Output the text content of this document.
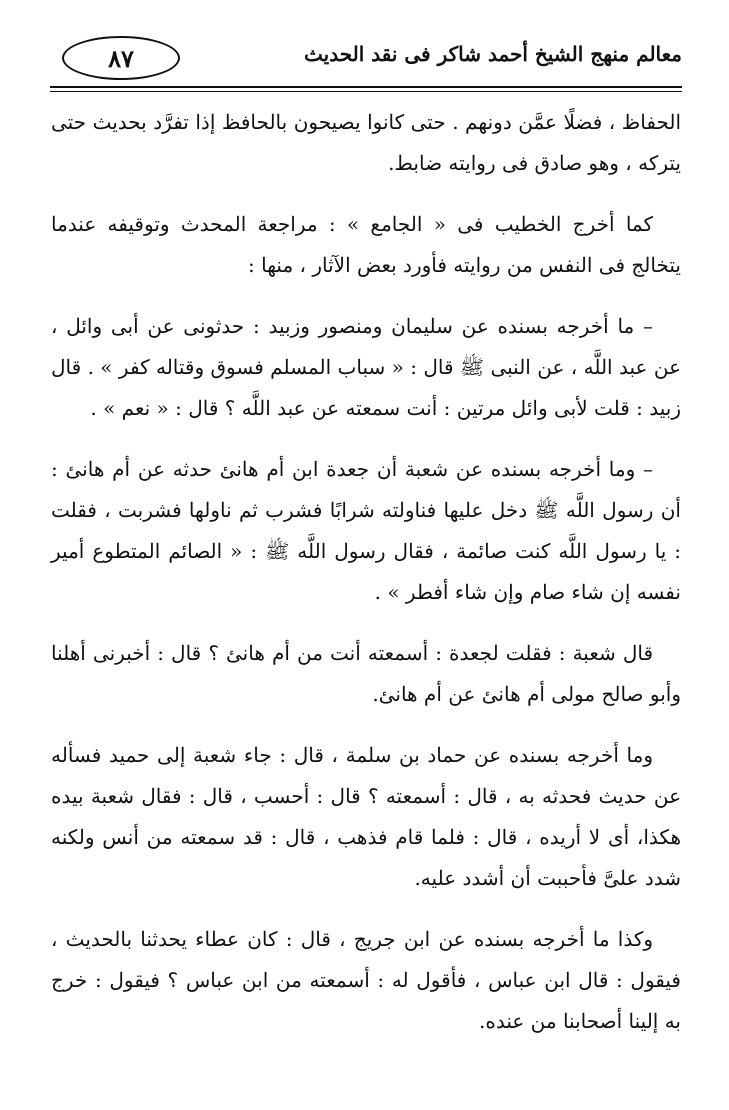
٨٧	معالم منهج الشيخ أحمد شاكر فى نقد الحديث

الحفاظ ، فضلًا عمَّن دونهم . حتى كانوا يصيحون بالحافظ إذا تفرَّد بحديث حتى يتركه ، وهو صادق فى روايته ضابط.

كما أخرج الخطيب فى « الجامع » : مراجعة المحدث وتوقيفه عندما يتخالج فى النفس من روايته فأورد بعض الآثار ، منها :

– ما أخرجه بسنده عن سليمان ومنصور وزبيد : حدثونى عن أبى وائل ، عن عبد اللَّه ، عن النبى ﷺ قال : « سباب المسلم فسوق وقتاله كفر » . قال زبيد : قلت لأبى وائل مرتين : أنت سمعته عن عبد اللَّه ؟ قال : « نعم » .

– وما أخرجه بسنده عن شعبة أن جعدة ابن أم هانئ حدثه عن أم هانئ : أن رسول اللَّه ﷺ دخل عليها فناولته شرابًا فشرب ثم ناولها فشربت ، فقلت : يا رسول اللَّه كنت صائمة ، فقال رسول اللَّه ﷺ : « الصائم المتطوع أمير نفسه إن شاء صام وإن شاء أفطر » .

قال شعبة : فقلت لجعدة : أسمعته أنت من أم هانئ ؟ قال : أخبرنى أهلنا وأبو صالح مولى أم هانئ عن أم هانئ.

وما أخرجه بسنده عن حماد بن سلمة ، قال : جاء شعبة إلى حميد فسأله عن حديث فحدثه به ، قال : أسمعته ؟ قال : أحسب ، قال : فقال شعبة بيده هكذا، أى لا أريده ، قال : فلما قام فذهب ، قال : قد سمعته من أنس ولكنه شدد علىَّ فأحببت أن أشدد عليه.

وكذا ما أخرجه بسنده عن ابن جريج ، قال : كان عطاء يحدثنا بالحديث ، فيقول : قال ابن عباس ، فأقول له : أسمعته من ابن عباس ؟ فيقول : خرج به إلينا أصحابنا من عنده.
